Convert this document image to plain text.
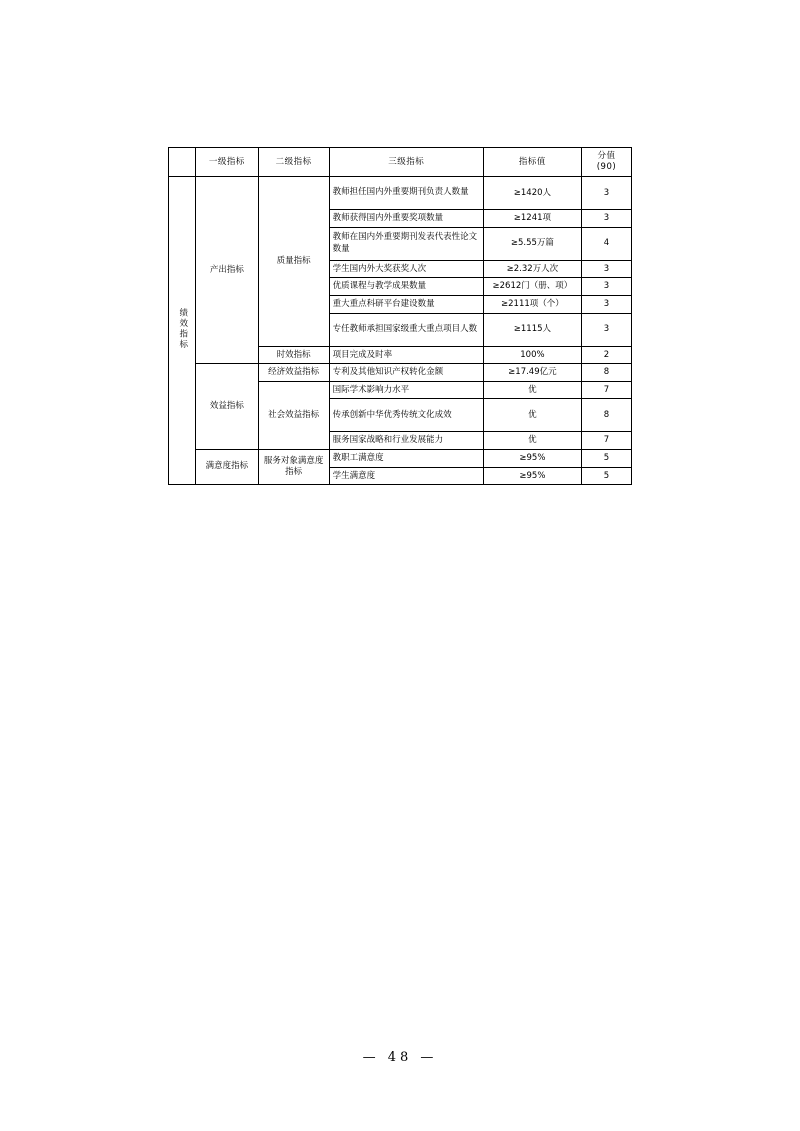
	一级指标	二级指标	三级指标	指标值	分值
(90)

绩效指标	产出指标	质量指标	教师担任国内外重要期刊负责人数量	≥1420人	3
			教师获得国内外重要奖项数量	≥1241项	3
			教师在国内外重要期刊发表代表性论文数量	≥5.55万篇	4
			学生国内外大奖获奖人次	≥2.32万人次	3
			优质课程与教学成果数量	≥2612门（册、项）	3
			重大重点科研平台建设数量	≥2111项（个）	3
			专任教师承担国家级重大重点项目人数	≥1115人	3
		时效指标	项目完成及时率	100%	2
	效益指标	经济效益指标	专利及其他知识产权转化金额	≥17.49亿元	8
		社会效益指标	国际学术影响力水平	优	7
			传承创新中华优秀传统文化成效	优	8
			服务国家战略和行业发展能力	优	7
	满意度指标	服务对象满意度指标	教职工满意度	≥95%	5
			学生满意度	≥95%	5
— 48 —
